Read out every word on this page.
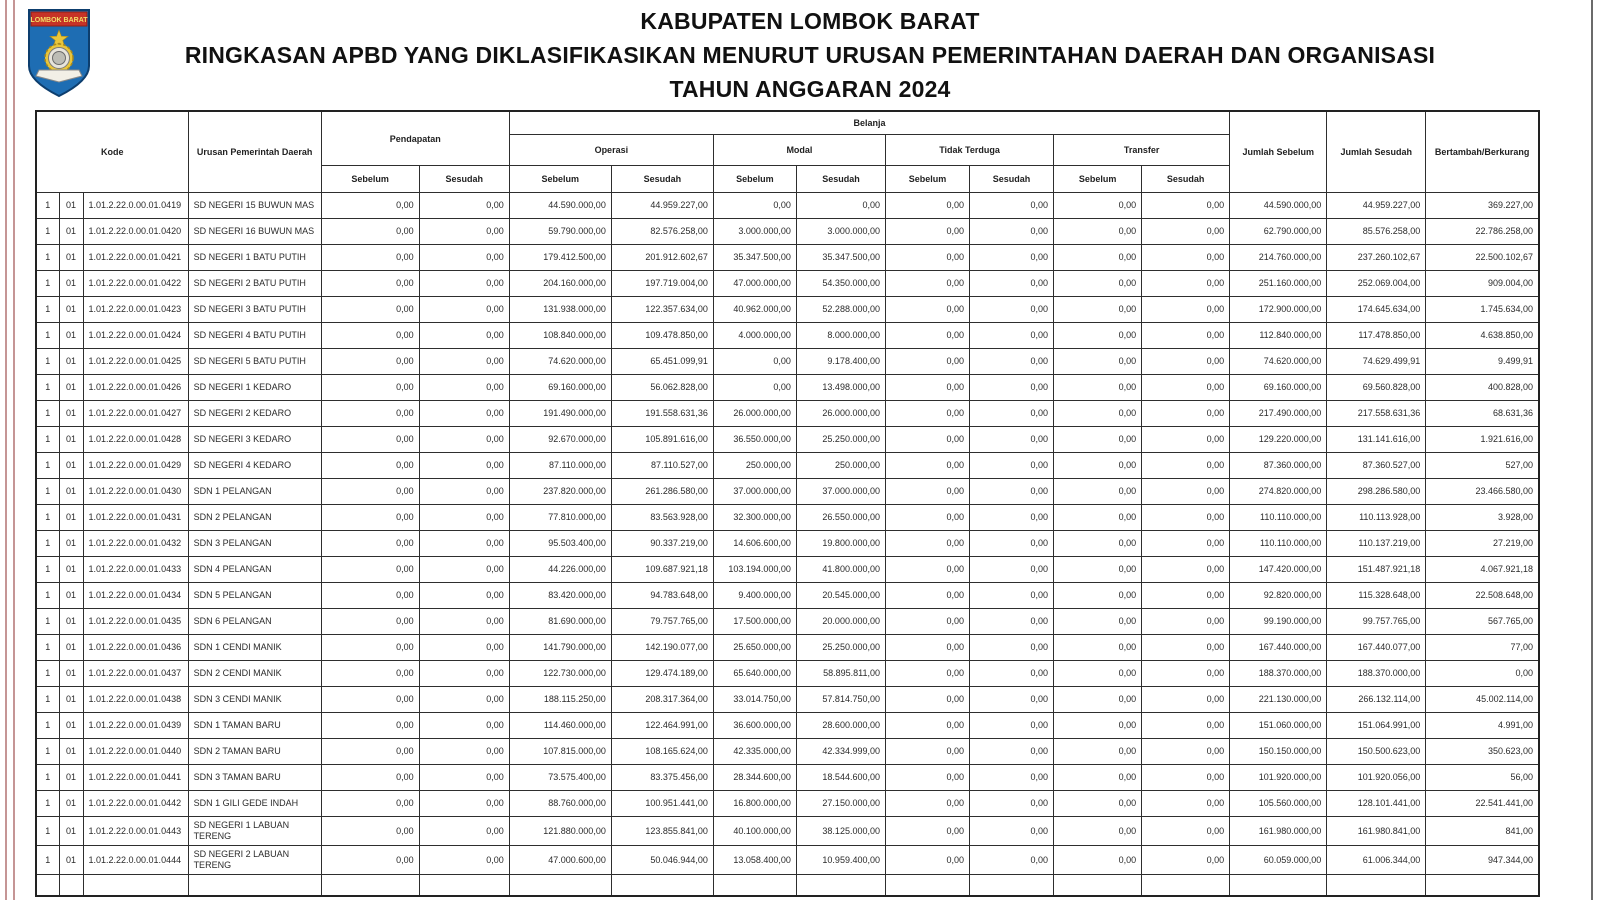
LOMBOK BARAT	KABUPATEN LOMBOK BARAT
RINGKASAN APBD YANG DIKLASIFIKASIKAN MENURUT URUSAN PEMERINTAHAN DAERAH DAN ORGANISASI
TAHUN ANGGARAN 2024
Kode			Urusan Pemerintah Daerah	Pendapatan		Belanja								Jumlah Sebelum	Jumlah Sesudah	Bertambah/Berkurang
						Operasi		Modal		Tidak Terduga		Transfer				
				Sebelum	Sesudah	Sebelum	Sesudah	Sebelum	Sesudah	Sebelum	Sesudah	Sebelum	Sesudah			
1	01	1.01.2.22.0.00.01.0419	SD NEGERI 15 BUWUN MAS	0,00	0,00	44.590.000,00	44.959.227,00	0,00	0,00	0,00	0,00	0,00	0,00	44.590.000,00	44.959.227,00	369.227,00
1	01	1.01.2.22.0.00.01.0420	SD NEGERI 16 BUWUN MAS	0,00	0,00	59.790.000,00	82.576.258,00	3.000.000,00	3.000.000,00	0,00	0,00	0,00	0,00	62.790.000,00	85.576.258,00	22.786.258,00
1	01	1.01.2.22.0.00.01.0421	SD NEGERI 1 BATU PUTIH	0,00	0,00	179.412.500,00	201.912.602,67	35.347.500,00	35.347.500,00	0,00	0,00	0,00	0,00	214.760.000,00	237.260.102,67	22.500.102,67
1	01	1.01.2.22.0.00.01.0422	SD NEGERI 2 BATU PUTIH	0,00	0,00	204.160.000,00	197.719.004,00	47.000.000,00	54.350.000,00	0,00	0,00	0,00	0,00	251.160.000,00	252.069.004,00	909.004,00
1	01	1.01.2.22.0.00.01.0423	SD NEGERI 3 BATU PUTIH	0,00	0,00	131.938.000,00	122.357.634,00	40.962.000,00	52.288.000,00	0,00	0,00	0,00	0,00	172.900.000,00	174.645.634,00	1.745.634,00
1	01	1.01.2.22.0.00.01.0424	SD NEGERI 4 BATU PUTIH	0,00	0,00	108.840.000,00	109.478.850,00	4.000.000,00	8.000.000,00	0,00	0,00	0,00	0,00	112.840.000,00	117.478.850,00	4.638.850,00
1	01	1.01.2.22.0.00.01.0425	SD NEGERI 5 BATU PUTIH	0,00	0,00	74.620.000,00	65.451.099,91	0,00	9.178.400,00	0,00	0,00	0,00	0,00	74.620.000,00	74.629.499,91	9.499,91
1	01	1.01.2.22.0.00.01.0426	SD NEGERI 1 KEDARO	0,00	0,00	69.160.000,00	56.062.828,00	0,00	13.498.000,00	0,00	0,00	0,00	0,00	69.160.000,00	69.560.828,00	400.828,00
1	01	1.01.2.22.0.00.01.0427	SD NEGERI 2 KEDARO	0,00	0,00	191.490.000,00	191.558.631,36	26.000.000,00	26.000.000,00	0,00	0,00	0,00	0,00	217.490.000,00	217.558.631,36	68.631,36
1	01	1.01.2.22.0.00.01.0428	SD NEGERI 3 KEDARO	0,00	0,00	92.670.000,00	105.891.616,00	36.550.000,00	25.250.000,00	0,00	0,00	0,00	0,00	129.220.000,00	131.141.616,00	1.921.616,00
1	01	1.01.2.22.0.00.01.0429	SD NEGERI 4 KEDARO	0,00	0,00	87.110.000,00	87.110.527,00	250.000,00	250.000,00	0,00	0,00	0,00	0,00	87.360.000,00	87.360.527,00	527,00
1	01	1.01.2.22.0.00.01.0430	SDN 1 PELANGAN	0,00	0,00	237.820.000,00	261.286.580,00	37.000.000,00	37.000.000,00	0,00	0,00	0,00	0,00	274.820.000,00	298.286.580,00	23.466.580,00
1	01	1.01.2.22.0.00.01.0431	SDN 2 PELANGAN	0,00	0,00	77.810.000,00	83.563.928,00	32.300.000,00	26.550.000,00	0,00	0,00	0,00	0,00	110.110.000,00	110.113.928,00	3.928,00
1	01	1.01.2.22.0.00.01.0432	SDN 3 PELANGAN	0,00	0,00	95.503.400,00	90.337.219,00	14.606.600,00	19.800.000,00	0,00	0,00	0,00	0,00	110.110.000,00	110.137.219,00	27.219,00
1	01	1.01.2.22.0.00.01.0433	SDN 4 PELANGAN	0,00	0,00	44.226.000,00	109.687.921,18	103.194.000,00	41.800.000,00	0,00	0,00	0,00	0,00	147.420.000,00	151.487.921,18	4.067.921,18
1	01	1.01.2.22.0.00.01.0434	SDN 5 PELANGAN	0,00	0,00	83.420.000,00	94.783.648,00	9.400.000,00	20.545.000,00	0,00	0,00	0,00	0,00	92.820.000,00	115.328.648,00	22.508.648,00
1	01	1.01.2.22.0.00.01.0435	SDN 6 PELANGAN	0,00	0,00	81.690.000,00	79.757.765,00	17.500.000,00	20.000.000,00	0,00	0,00	0,00	0,00	99.190.000,00	99.757.765,00	567.765,00
1	01	1.01.2.22.0.00.01.0436	SDN 1 CENDI MANIK	0,00	0,00	141.790.000,00	142.190.077,00	25.650.000,00	25.250.000,00	0,00	0,00	0,00	0,00	167.440.000,00	167.440.077,00	77,00
1	01	1.01.2.22.0.00.01.0437	SDN 2 CENDI MANIK	0,00	0,00	122.730.000,00	129.474.189,00	65.640.000,00	58.895.811,00	0,00	0,00	0,00	0,00	188.370.000,00	188.370.000,00	0,00
1	01	1.01.2.22.0.00.01.0438	SDN 3 CENDI MANIK	0,00	0,00	188.115.250,00	208.317.364,00	33.014.750,00	57.814.750,00	0,00	0,00	0,00	0,00	221.130.000,00	266.132.114,00	45.002.114,00
1	01	1.01.2.22.0.00.01.0439	SDN 1 TAMAN BARU	0,00	0,00	114.460.000,00	122.464.991,00	36.600.000,00	28.600.000,00	0,00	0,00	0,00	0,00	151.060.000,00	151.064.991,00	4.991,00
1	01	1.01.2.22.0.00.01.0440	SDN 2 TAMAN BARU	0,00	0,00	107.815.000,00	108.165.624,00	42.335.000,00	42.334.999,00	0,00	0,00	0,00	0,00	150.150.000,00	150.500.623,00	350.623,00
1	01	1.01.2.22.0.00.01.0441	SDN 3 TAMAN BARU	0,00	0,00	73.575.400,00	83.375.456,00	28.344.600,00	18.544.600,00	0,00	0,00	0,00	0,00	101.920.000,00	101.920.056,00	56,00
1	01	1.01.2.22.0.00.01.0442	SDN 1 GILI GEDE INDAH	0,00	0,00	88.760.000,00	100.951.441,00	16.800.000,00	27.150.000,00	0,00	0,00	0,00	0,00	105.560.000,00	128.101.441,00	22.541.441,00
1	01	1.01.2.22.0.00.01.0443	SD NEGERI 1 LABUAN TERENG	0,00	0,00	121.880.000,00	123.855.841,00	40.100.000,00	38.125.000,00	0,00	0,00	0,00	0,00	161.980.000,00	161.980.841,00	841,00
1	01	1.01.2.22.0.00.01.0444	SD NEGERI 2 LABUAN TERENG	0,00	0,00	47.000.600,00	50.046.944,00	13.058.400,00	10.959.400,00	0,00	0,00	0,00	0,00	60.059.000,00	61.006.344,00	947.344,00
